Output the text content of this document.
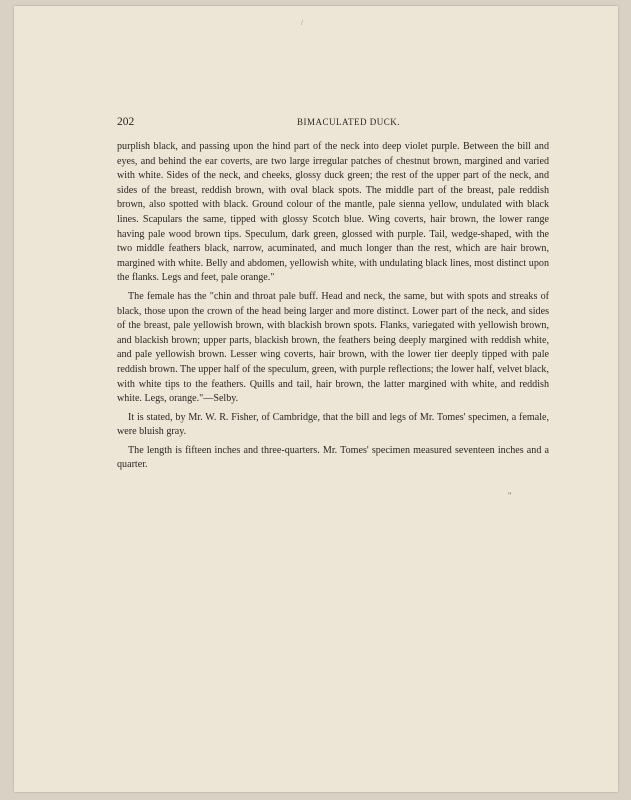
/
202	BIMACULATED DUCK.

purplish black, and passing upon the hind part of the neck into deep violet purple. Between the bill and eyes, and behind the ear coverts, are two large irregular patches of chestnut brown, margined and varied with white. Sides of the neck, and cheeks, glossy duck green; the rest of the upper part of the neck, and sides of the breast, reddish brown, with oval black spots. The middle part of the breast, pale reddish brown, also spotted with black. Ground colour of the mantle, pale sienna yellow, undulated with black lines. Scapulars the same, tipped with glossy Scotch blue. Wing coverts, hair brown, the lower range having pale wood brown tips. Speculum, dark green, glossed with purple. Tail, wedge-shaped, with the two middle feathers black, narrow, acuminated, and much longer than the rest, which are hair brown, margined with white. Belly and abdomen, yellowish white, with undulating black lines, most distinct upon the flanks. Legs and feet, pale orange."

The female has the "chin and throat pale buff. Head and neck, the same, but with spots and streaks of black, those upon the crown of the head being larger and more distinct. Lower part of the neck, and sides of the breast, pale yellowish brown, with blackish brown spots. Flanks, variegated with yellowish brown, and blackish brown; upper parts, blackish brown, the feathers being deeply margined with reddish white, and pale yellowish brown. Lesser wing coverts, hair brown, with the lower tier deeply tipped with pale reddish brown. The upper half of the speculum, green, with purple reflections; the lower half, velvet black, with white tips to the feathers. Quills and tail, hair brown, the latter margined with white, and reddish white. Legs, orange."—Selby.

It is stated, by Mr. W. R. Fisher, of Cambridge, that the bill and legs of Mr. Tomes' specimen, a female, were bluish gray.

The length is fifteen inches and three-quarters. Mr. Tomes' specimen measured seventeen inches and a quarter.

"
